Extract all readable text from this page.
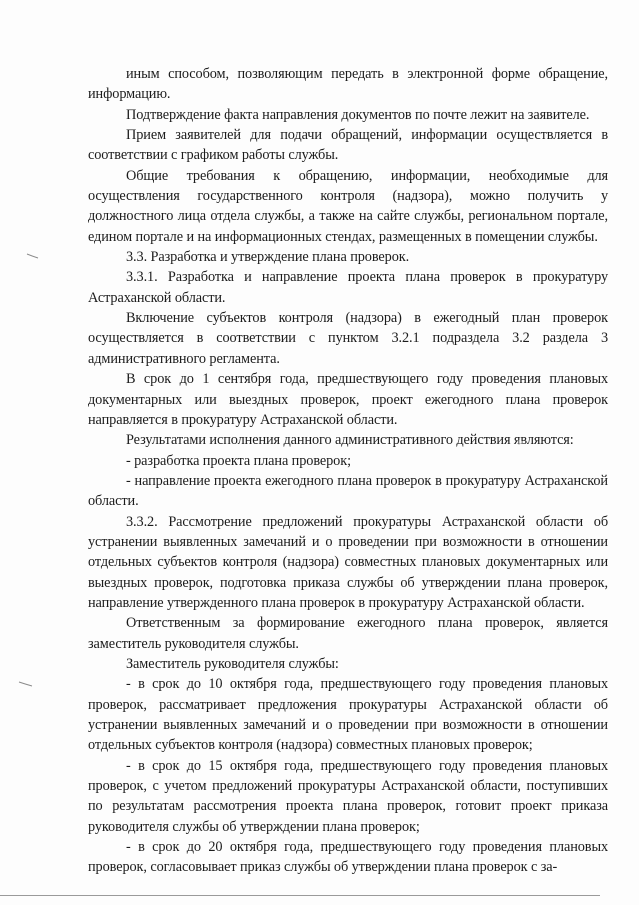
иным способом, позволяющим передать в электронной форме обращение, информацию.

Подтверждение факта направления документов по почте лежит на заявителе.

Прием заявителей для подачи обращений, информации осуществляется в соответствии с графиком работы службы.

Общие требования к обращению, информации, необходимые для осуществления государственного контроля (надзора), можно получить у должностного лица отдела службы, а также на сайте службы, региональном портале, едином портале и на информационных стендах, размещенных в помещении службы.

3.3. Разработка и утверждение плана проверок.

3.3.1. Разработка и направление проекта плана проверок в прокуратуру Астраханской области.

Включение субъектов контроля (надзора) в ежегодный план проверок осуществляется в соответствии с пунктом 3.2.1 подраздела 3.2 раздела 3 административного регламента.

В срок до 1 сентября года, предшествующего году проведения плановых документарных или выездных проверок, проект ежегодного плана проверок направляется в прокуратуру Астраханской области.

Результатами исполнения данного административного действия являются:

- разработка проекта плана проверок;

- направление проекта ежегодного плана проверок в прокуратуру Астраханской области.

3.3.2. Рассмотрение предложений прокуратуры Астраханской области об устранении выявленных замечаний и о проведении при возможности в отношении отдельных субъектов контроля (надзора) совместных плановых документарных или выездных проверок, подготовка приказа службы об утверждении плана проверок, направление утвержденного плана проверок в прокуратуру Астраханской области.

Ответственным за формирование ежегодного плана проверок, является заместитель руководителя службы.

Заместитель руководителя службы:

- в срок до 10 октября года, предшествующего году проведения плановых проверок, рассматривает предложения прокуратуры Астраханской области об устранении выявленных замечаний и о проведении при возможности в отношении отдельных субъектов контроля (надзора) совместных плановых проверок;

- в срок до 15 октября года, предшествующего году проведения плановых проверок, с учетом предложений прокуратуры Астраханской области, поступивших по результатам рассмотрения проекта плана проверок, готовит проект приказа руководителя службы об утверждении плана проверок;

- в срок до 20 октября года, предшествующего году проведения плановых проверок, согласовывает приказ службы об утверждении плана проверок с за-
